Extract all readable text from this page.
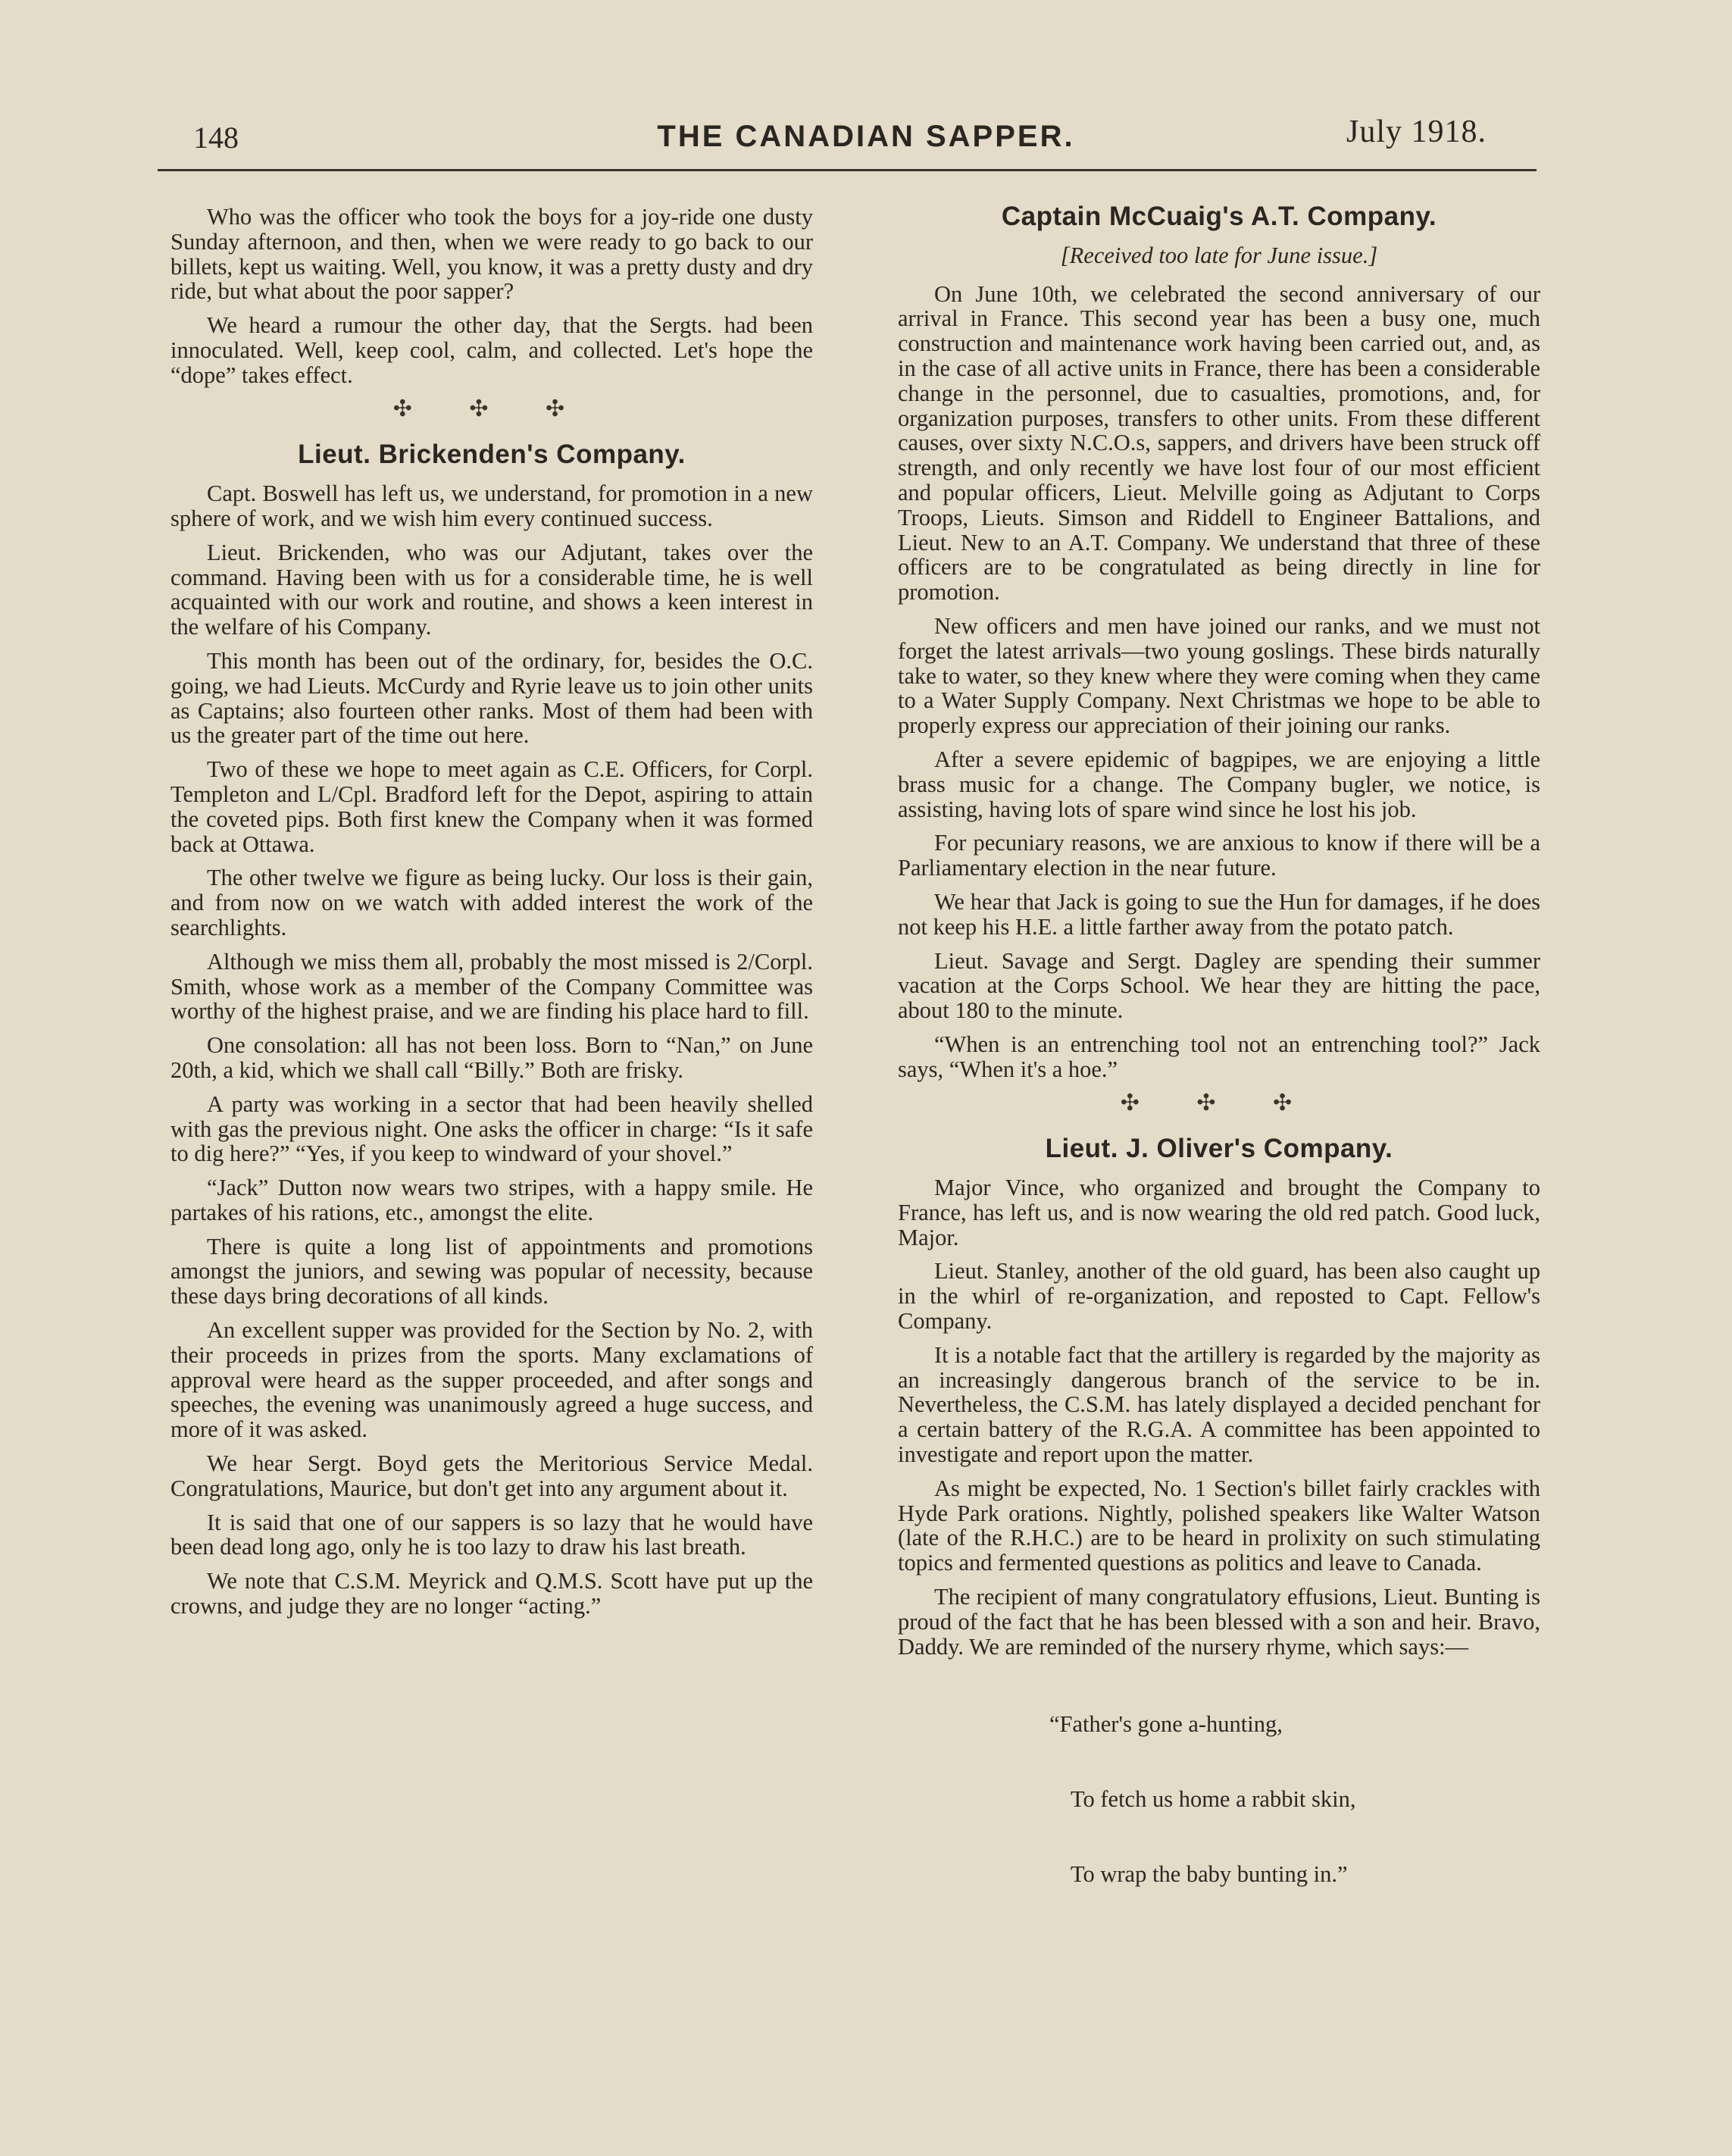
148	THE CANADIAN SAPPER.	July 1918.

Who was the officer who took the boys for a joy-ride one dusty Sunday afternoon, and then, when we were ready to go back to our billets, kept us waiting. Well, you know, it was a pretty dusty and dry ride, but what about the poor sapper?

We heard a rumour the other day, that the Sergts. had been innoculated. Well, keep cool, calm, and collected. Let's hope the “dope” takes effect.

✣ ✣ ✣
Lieut. Brickenden's Company.

Capt. Boswell has left us, we understand, for promotion in a new sphere of work, and we wish him every continued success.

Lieut. Brickenden, who was our Adjutant, takes over the command. Having been with us for a considerable time, he is well acquainted with our work and routine, and shows a keen interest in the welfare of his Company.

This month has been out of the ordinary, for, besides the O.C. going, we had Lieuts. McCurdy and Ryrie leave us to join other units as Captains; also fourteen other ranks. Most of them had been with us the greater part of the time out here.

Two of these we hope to meet again as C.E. Officers, for Corpl. Templeton and L/Cpl. Bradford left for the Depot, aspiring to attain the coveted pips. Both first knew the Company when it was formed back at Ottawa.

The other twelve we figure as being lucky. Our loss is their gain, and from now on we watch with added interest the work of the searchlights.

Although we miss them all, probably the most missed is 2/Corpl. Smith, whose work as a member of the Company Committee was worthy of the highest praise, and we are finding his place hard to fill.

One consolation: all has not been loss. Born to “Nan,” on June 20th, a kid, which we shall call “Billy.” Both are frisky.

A party was working in a sector that had been heavily shelled with gas the previous night. One asks the officer in charge: “Is it safe to dig here?” “Yes, if you keep to windward of your shovel.”

“Jack” Dutton now wears two stripes, with a happy smile. He partakes of his rations, etc., amongst the elite.

There is quite a long list of appointments and promotions amongst the juniors, and sewing was popular of necessity, because these days bring decorations of all kinds.

An excellent supper was provided for the Section by No. 2, with their proceeds in prizes from the sports. Many exclamations of approval were heard as the supper proceeded, and after songs and speeches, the evening was unanimously agreed a huge success, and more of it was asked.

We hear Sergt. Boyd gets the Meritorious Service Medal. Congratulations, Maurice, but don't get into any argument about it.

It is said that one of our sappers is so lazy that he would have been dead long ago, only he is too lazy to draw his last breath.

We note that C.S.M. Meyrick and Q.M.S. Scott have put up the crowns, and judge they are no longer “acting.”

Captain McCuaig's A.T. Company.
[Received too late for June issue.]

On June 10th, we celebrated the second anniversary of our arrival in France. This second year has been a busy one, much construction and maintenance work having been carried out, and, as in the case of all active units in France, there has been a considerable change in the personnel, due to casualties, promotions, and, for organization purposes, transfers to other units. From these different causes, over sixty N.C.O.s, sappers, and drivers have been struck off strength, and only recently we have lost four of our most efficient and popular officers, Lieut. Melville going as Adjutant to Corps Troops, Lieuts. Simson and Riddell to Engineer Battalions, and Lieut. New to an A.T. Company. We understand that three of these officers are to be congratulated as being directly in line for promotion.

New officers and men have joined our ranks, and we must not forget the latest arrivals—two young goslings. These birds naturally take to water, so they knew where they were coming when they came to a Water Supply Company. Next Christmas we hope to be able to properly express our appreciation of their joining our ranks.

After a severe epidemic of bagpipes, we are enjoying a little brass music for a change. The Company bugler, we notice, is assisting, having lots of spare wind since he lost his job.

For pecuniary reasons, we are anxious to know if there will be a Parliamentary election in the near future.

We hear that Jack is going to sue the Hun for damages, if he does not keep his H.E. a little farther away from the potato patch.

Lieut. Savage and Sergt. Dagley are spending their summer vacation at the Corps School. We hear they are hitting the pace, about 180 to the minute.

“When is an entrenching tool not an entrenching tool?” Jack says, “When it's a hoe.”

✣ ✣ ✣
Lieut. J. Oliver's Company.

Major Vince, who organized and brought the Company to France, has left us, and is now wearing the old red patch. Good luck, Major.

Lieut. Stanley, another of the old guard, has been also caught up in the whirl of re-organization, and reposted to Capt. Fellow's Company.

It is a notable fact that the artillery is regarded by the majority as an increasingly dangerous branch of the service to be in. Nevertheless, the C.S.M. has lately displayed a decided penchant for a certain battery of the R.G.A. A committee has been appointed to investigate and report upon the matter.

As might be expected, No. 1 Section's billet fairly crackles with Hyde Park orations. Nightly, polished speakers like Walter Watson (late of the R.H.C.) are to be heard in prolixity on such stimulating topics and fermented questions as politics and leave to Canada.

The recipient of many congratulatory effusions, Lieut. Bunting is proud of the fact that he has been blessed with a son and heir. Bravo, Daddy. We are reminded of the nursery rhyme, which says:—

“Father's gone a-hunting,

To fetch us home a rabbit skin,

To wrap the baby bunting in.”
